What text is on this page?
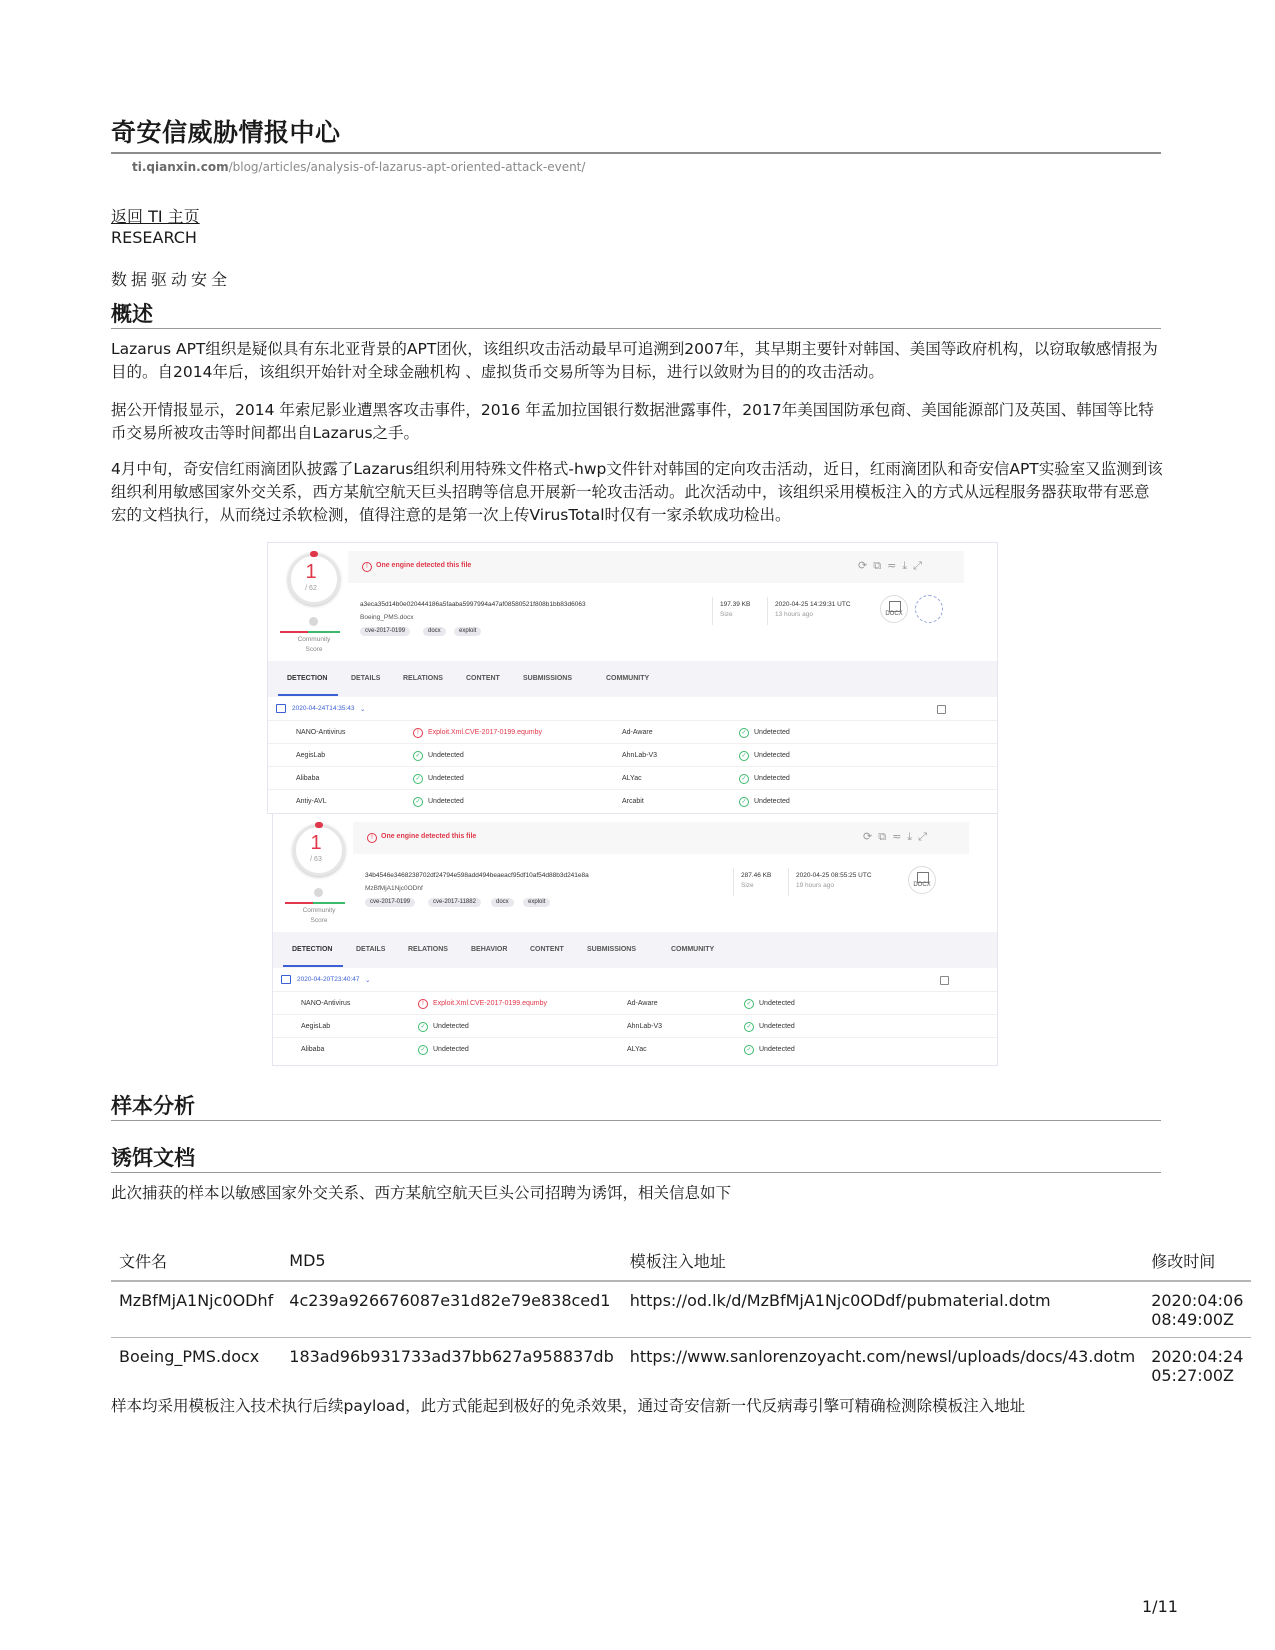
奇安信威胁情报中心
ti.qianxin.com/blog/articles/analysis-of-lazarus-apt-oriented-attack-event/
返回 TI 主页
RESEARCH
数据驱动安全
概述

Lazarus APT组织是疑似具有东北亚背景的APT团伙，该组织攻击活动最早可追溯到2007年，其早期主要针对韩国、美国等政府机构，以窃取敏感情报为目的。自2014年后，该组织开始针对全球金融机构 、虚拟货币交易所等为目标，进行以敛财为目的的攻击活动。

据公开情报显示，2014 年索尼影业遭黑客攻击事件，2016 年孟加拉国银行数据泄露事件，2017年美国国防承包商、美国能源部门及英国、韩国等比特币交易所被攻击等时间都出自Lazarus之手。

4月中旬，奇安信红雨滴团队披露了Lazarus组织利用特殊文件格式-hwp文件针对韩国的定向攻击活动，近日，红雨滴团队和奇安信APT实验室又监测到该组织利用敏感国家外交关系，西方某航空航天巨头招聘等信息开展新一轮攻击活动。此次活动中，该组织采用模板注入的方式从远程服务器获取带有恶意宏的文档执行，从而绕过杀软检测，值得注意的是第一次上传VirusTotal时仅有一家杀软成功检出。

1
/ 62
Community
Score
!	One engine detected this file	⟳⧉≂⤓⤢
a3eca35d14b0e020444186a5faaba5997994a47af08580521f808b1bb83d6063
Boeing_PMS.docx
cve-2017-0199	docx	exploit
197.39 KB
Size
2020-04-25 14:29:31 UTC
13 hours ago	DOCX
DETECTION	DETAILS	RELATIONS	CONTENT	SUBMISSIONS	COMMUNITY
2020-04-24T14:35:43 ⌄
NANO-Antivirus	!	Exploit.Xml.CVE-2017-0199.equmby	Ad-Aware	✓	Undetected
AegisLab	✓	Undetected	AhnLab-V3	✓	Undetected
Alibaba	✓	Undetected	ALYac	✓	Undetected
Antiy-AVL	✓	Undetected	Arcabit	✓	Undetected
1
/ 63
Community
Score
!	One engine detected this file	⟳⧉≂⤓⤢
34b4546e3468238702df24794e598add494beaeacf95df10af54d88b3d241e8a
MzBfMjA1Njc0ODhf
cve-2017-0199	cve-2017-11882	docx	exploit
287.46 KB
Size
2020-04-25 08:55:25 UTC
19 hours ago	DOCX
DETECTION	DETAILS	RELATIONS	BEHAVIOR	CONTENT	SUBMISSIONS	COMMUNITY
2020-04-20T23:40:47 ⌄
NANO-Antivirus	!	Exploit.Xml.CVE-2017-0199.equmby	Ad-Aware	✓	Undetected
AegisLab	✓	Undetected	AhnLab-V3	✓	Undetected
Alibaba	✓	Undetected	ALYac	✓	Undetected
样本分析
诱饵文档

此次捕获的样本以敏感国家外交关系、西方某航空航天巨头公司招聘为诱饵，相关信息如下

文件名	MD5	模板注入地址	修改时间
MzBfMjA1Njc0ODhf	4c239a926676087e31d82e79e838ced1	https://od.lk/d/MzBfMjA1Njc0ODdf/pubmaterial.dotm	2020:04:06 08:49:00Z
Boeing_PMS.docx	183ad96b931733ad37bb627a958837db	https://www.sanlorenzoyacht.com/newsl/uploads/docs/43.dotm	2020:04:24 05:27:00Z

样本均采用模板注入技术执行后续payload，此方式能起到极好的免杀效果，通过奇安信新一代反病毒引擎可精确检测除模板注入地址

1/11
